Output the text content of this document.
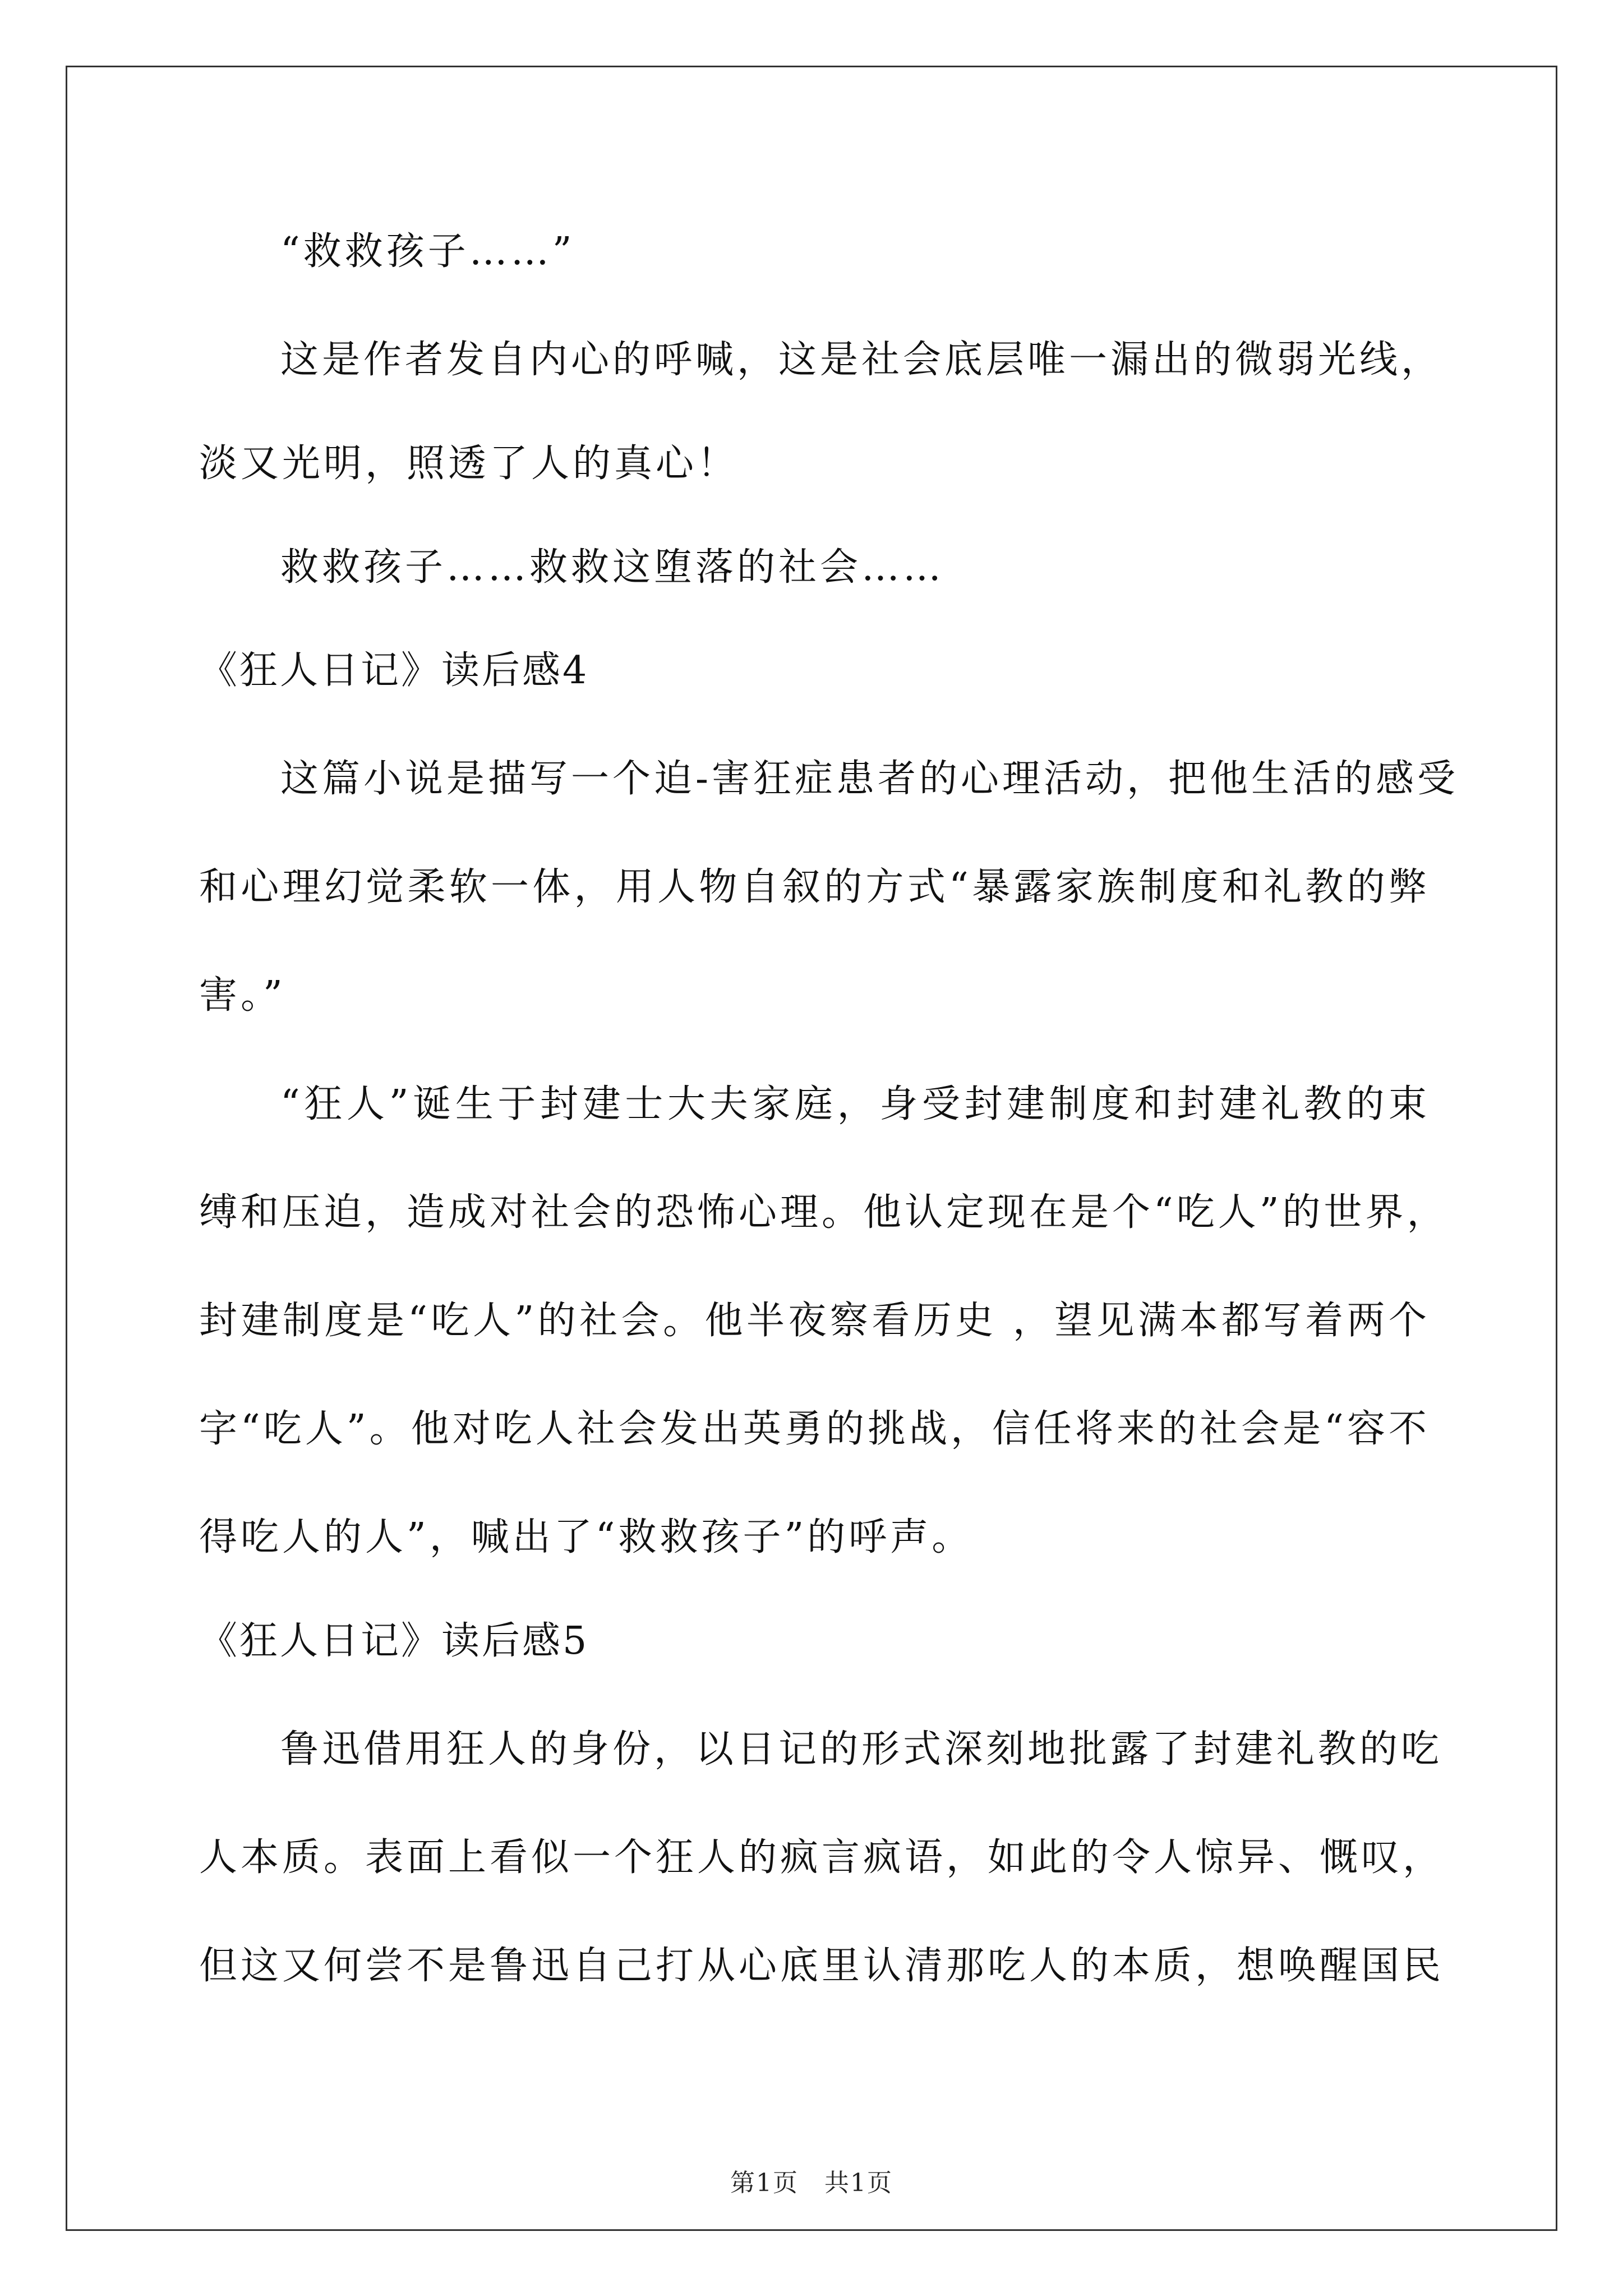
“救救孩子……”
这是作者发自内心的呼喊，这是社会底层唯一漏出的微弱光线，
淡又光明，照透了人的真心！
救救孩子……救救这堕落的社会……
《狂人日记》读后感4
这篇小说是描写一个迫-害狂症患者的心理活动，把他生活的感受
和心理幻觉柔软一体，用人物自叙的方式“暴露家族制度和礼教的弊
害。”
“狂人”诞生于封建士大夫家庭，身受封建制度和封建礼教的束
缚和压迫，造成对社会的恐怖心理。他认定现在是个“吃人”的世界，
封建制度是“吃人”的社会。他半夜察看历史 ，望见满本都写着两个
字“吃人”。他对吃人社会发出英勇的挑战，信任将来的社会是“容不
得吃人的人”，喊出了“救救孩子”的呼声。
《狂人日记》读后感5
鲁迅借用狂人的身份，以日记的形式深刻地批露了封建礼教的吃
人本质。表面上看似一个狂人的疯言疯语，如此的令人惊异、慨叹，
但这又何尝不是鲁迅自己打从心底里认清那吃人的本质，想唤醒国民
第1页　共1页
